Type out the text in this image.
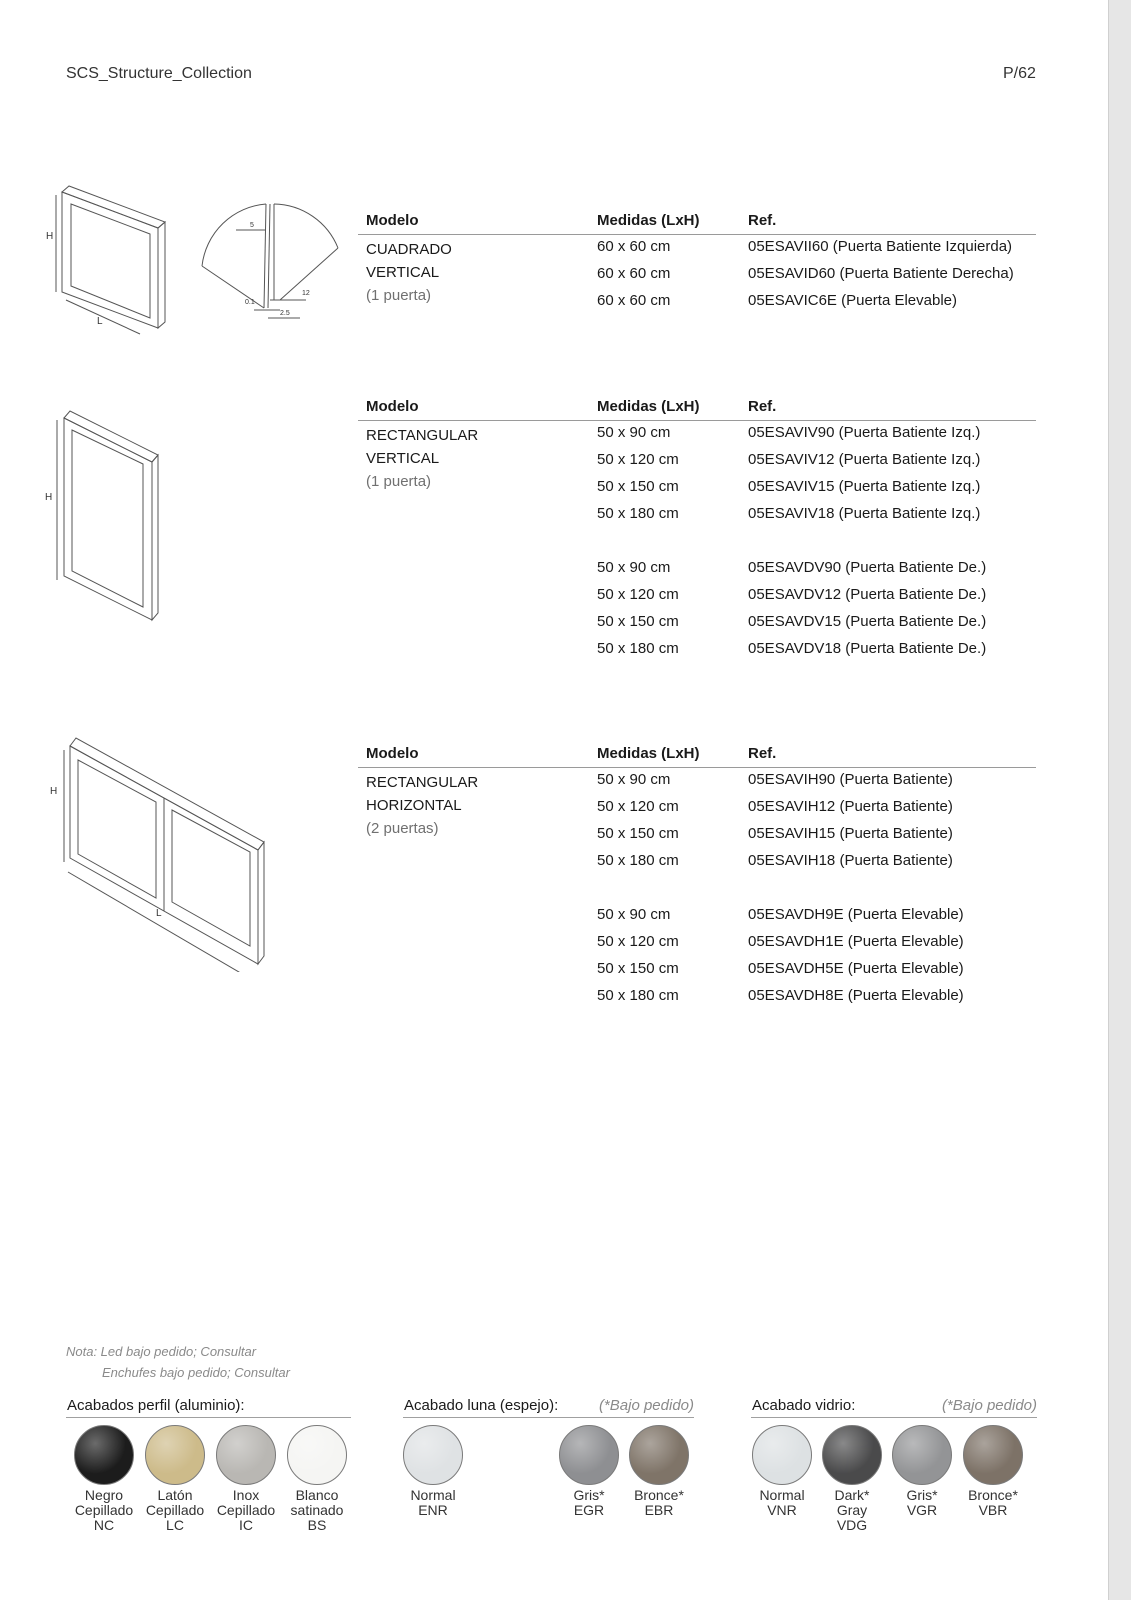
SCS_Structure_Collection	P/62
H
L
5
0.1
12
2.5
H
H
L
Modelo	Medidas (LxH)	Ref.
CUADRADO
VERTICAL
(1 puerta)
60 x 60 cm	05ESAVII60 (Puerta Batiente Izquierda)
60 x 60 cm	05ESAVID60 (Puerta Batiente Derecha)
60 x 60 cm	05ESAVIC6E (Puerta Elevable)
Modelo	Medidas (LxH)	Ref.
RECTANGULAR
VERTICAL
(1 puerta)
50 x 90 cm	05ESAVIV90 (Puerta Batiente Izq.)
50 x 120 cm	05ESAVIV12 (Puerta Batiente Izq.)
50 x 150 cm	05ESAVIV15 (Puerta Batiente Izq.)
50 x 180 cm	05ESAVIV18 (Puerta Batiente Izq.)
50 x 90 cm	05ESAVDV90 (Puerta Batiente De.)
50 x 120 cm	05ESAVDV12 (Puerta Batiente De.)
50 x 150 cm	05ESAVDV15 (Puerta Batiente De.)
50 x 180 cm	05ESAVDV18 (Puerta Batiente De.)
Modelo	Medidas (LxH)	Ref.
RECTANGULAR
HORIZONTAL
(2 puertas)
50 x 90 cm	05ESAVIH90 (Puerta Batiente)
50 x 120 cm	05ESAVIH12 (Puerta Batiente)
50 x 150 cm	05ESAVIH15 (Puerta Batiente)
50 x 180 cm	05ESAVIH18 (Puerta Batiente)
50 x 90 cm	05ESAVDH9E (Puerta Elevable)
50 x 120 cm	05ESAVDH1E (Puerta Elevable)
50 x 150 cm	05ESAVDH5E (Puerta Elevable)
50 x 180 cm	05ESAVDH8E (Puerta Elevable)
Nota: Led bajo pedido; Consultar
Enchufes bajo pedido; Consultar
Acabados perfil (aluminio):	Acabado luna (espejo):	(*Bajo pedido)	Acabado vidrio:	(*Bajo pedido)
Negro
Cepillado
NC
Latón
Cepillado
LC
Inox
Cepillado
IC
Blanco
satinado
BS
Normal
ENR
Gris*
EGR
Bronce*
EBR
Normal
VNR
Dark*
Gray
VDG
Gris*
VGR
Bronce*
VBR
